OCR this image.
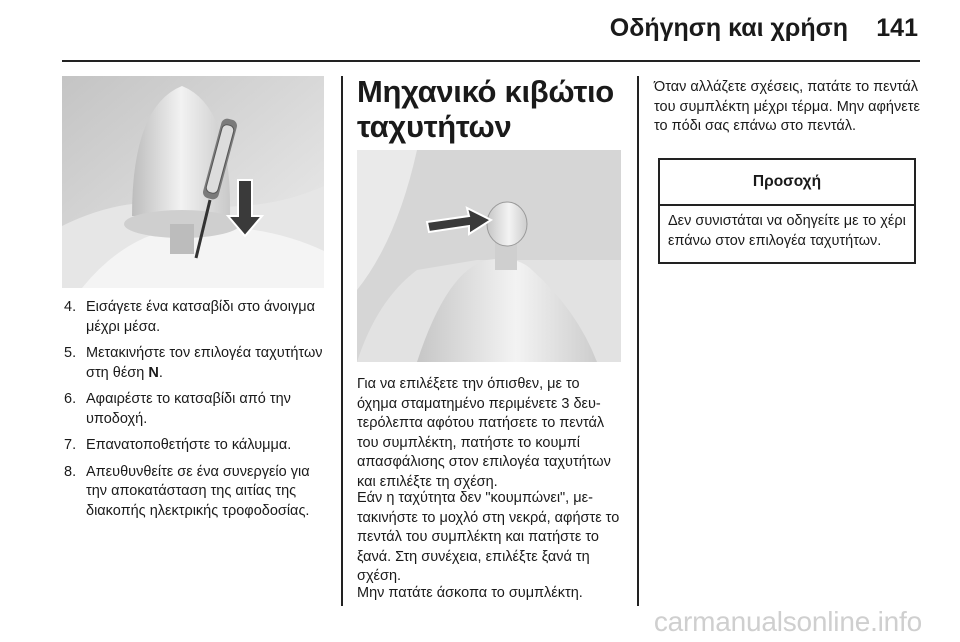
Οδήγηση και χρήση 141
4. Εισάγετε ένα κατσαβίδι στο άνοιγμα μέχρι μέσα.
5. Μετακινήστε τον επιλογέα ταχυτήτων στη θέση N.
6. Αφαιρέστε το κατσαβίδι από την υποδοχή.
7. Επανατοποθετήστε το κάλυμμα.
8. Απευθυνθείτε σε ένα συνεργείο για την αποκατάσταση της αιτίας της διακοπής ηλεκτρικής τροφοδοσίας.
Μηχανικό κιβώτιο ταχυτήτων

Για να επιλέξετε την όπισθεν, με το όχημα σταματημένο περιμένετε 3 δευτερόλεπτα αφότου πατήσετε το πεντάλ του συμπλέκτη, πατήστε το κουμπί απασφάλισης στον επιλογέα ταχυτήτων και επιλέξτε τη σχέση.

Εάν η ταχύτητα δεν "κουμπώνει", μετακινήστε το μοχλό στη νεκρά, αφήστε το πεντάλ του συμπλέκτη και πατήστε το ξανά. Στη συνέχεια, επιλέξτε ξανά τη σχέση.

Μην πατάτε άσκοπα το συμπλέκτη.

Όταν αλλάζετε σχέσεις, πατάτε το πεντάλ του συμπλέκτη μέχρι τέρμα. Μην αφήνετε το πόδι σας επάνω στο πεντάλ.

Προσοχή
Δεν συνιστάται να οδηγείτε με το χέρι επάνω στον επιλογέα ταχυτήτων.
carmanualsonline.info
